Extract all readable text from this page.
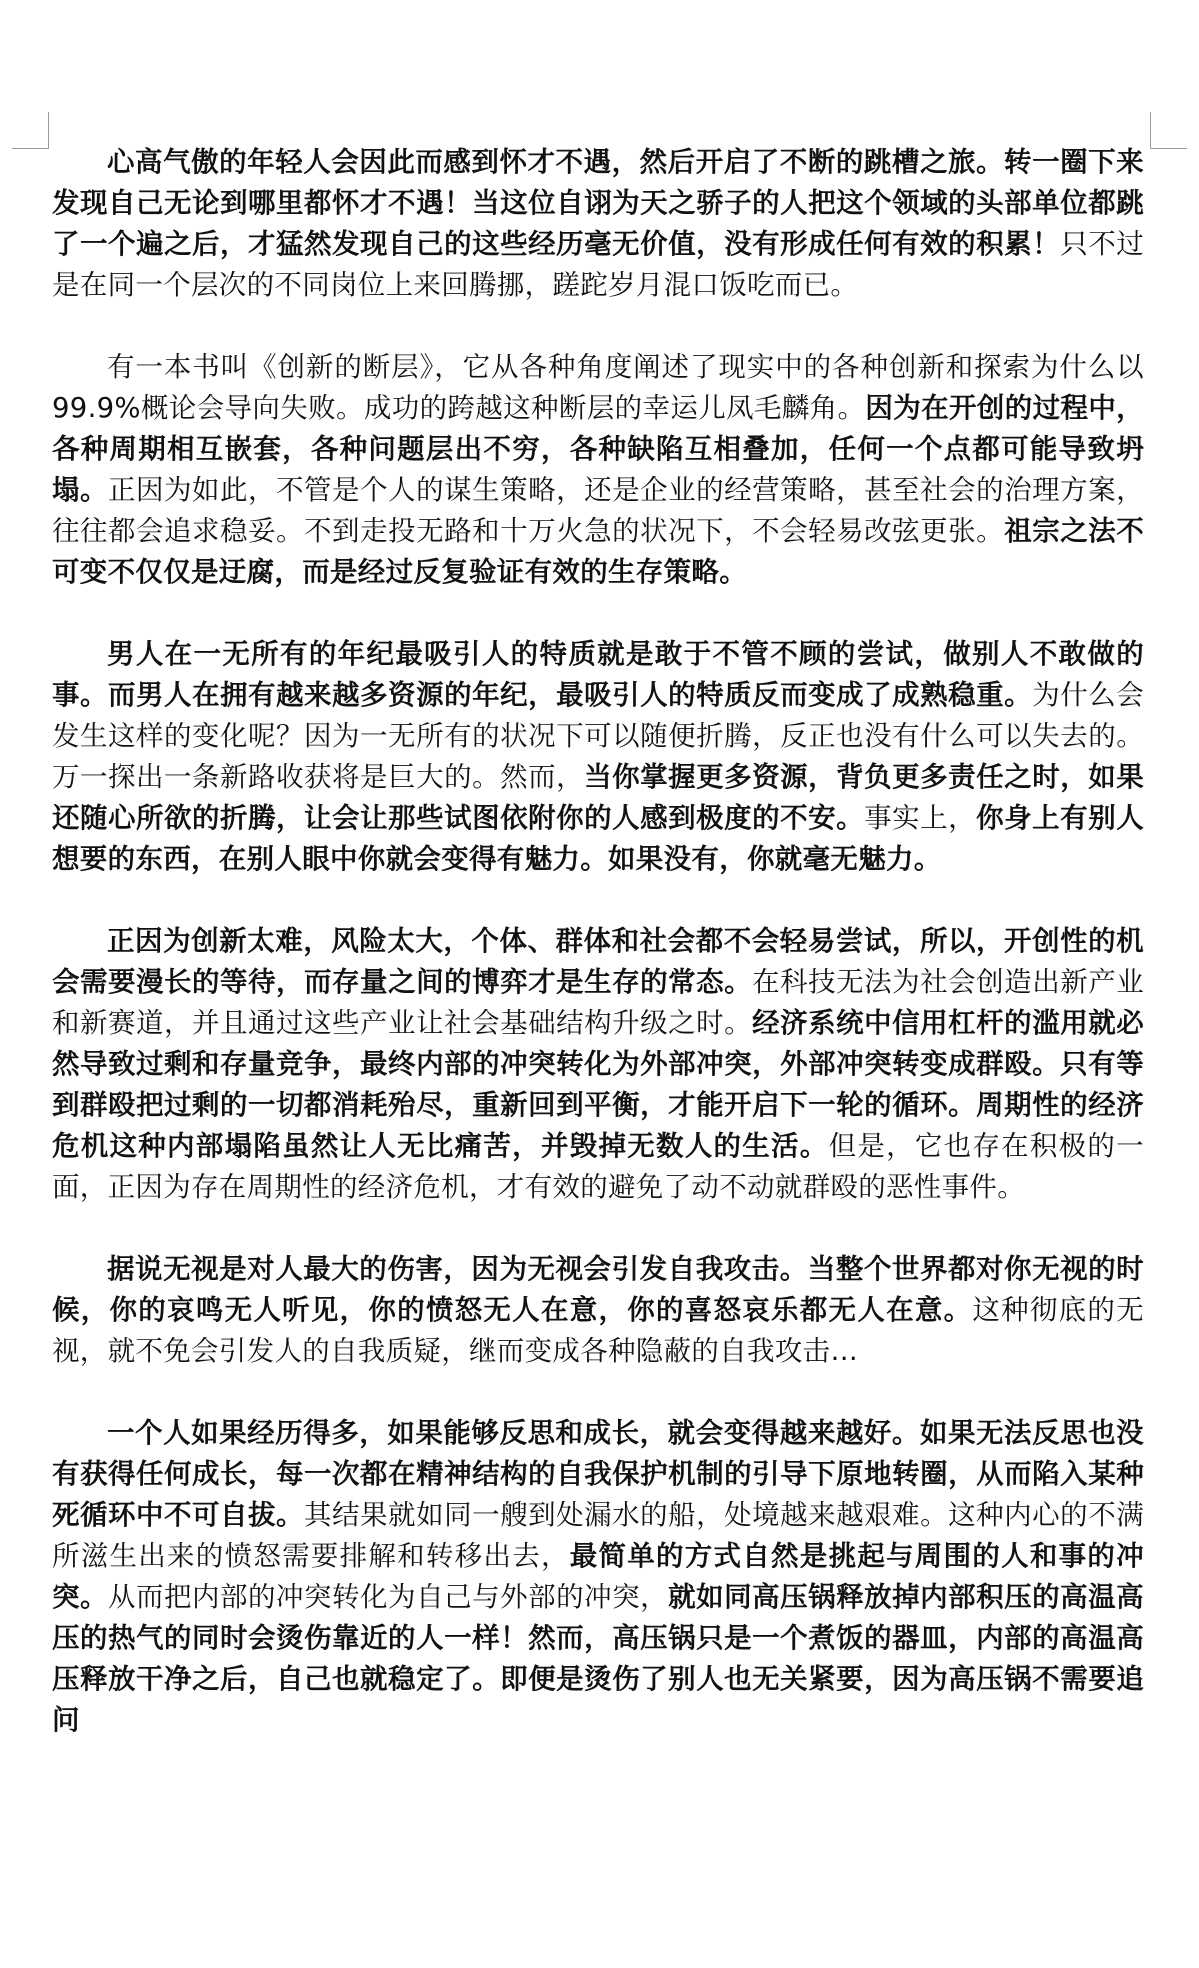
心高气傲的年轻人会因此而感到怀才不遇，然后开启了不断的跳槽之旅。转一圈下来发现自己无论到哪里都怀才不遇！当这位自诩为天之骄子的人把这个领域的头部单位都跳了一个遍之后，才猛然发现自己的这些经历毫无价值，没有形成任何有效的积累！只不过是在同一个层次的不同岗位上来回腾挪，蹉跎岁月混口饭吃而已。

有一本书叫《创新的断层》，它从各种角度阐述了现实中的各种创新和探索为什么以 99.9%概论会导向失败。成功的跨越这种断层的幸运儿凤毛麟角。因为在开创的过程中，各种周期相互嵌套，各种问题层出不穷，各种缺陷互相叠加，任何一个点都可能导致坍塌。正因为如此，不管是个人的谋生策略，还是企业的经营策略，甚至社会的治理方案，往往都会追求稳妥。不到走投无路和十万火急的状况下，不会轻易改弦更张。祖宗之法不可变不仅仅是迂腐，而是经过反复验证有效的生存策略。

男人在一无所有的年纪最吸引人的特质就是敢于不管不顾的尝试，做别人不敢做的事。而男人在拥有越来越多资源的年纪，最吸引人的特质反而变成了成熟稳重。为什么会发生这样的变化呢？因为一无所有的状况下可以随便折腾，反正也没有什么可以失去的。万一探出一条新路收获将是巨大的。然而，当你掌握更多资源，背负更多责任之时，如果还随心所欲的折腾，让会让那些试图依附你的人感到极度的不安。事实上，你身上有别人想要的东西，在别人眼中你就会变得有魅力。如果没有，你就毫无魅力。

正因为创新太难，风险太大，个体、群体和社会都不会轻易尝试，所以，开创性的机会需要漫长的等待，而存量之间的博弈才是生存的常态。在科技无法为社会创造出新产业和新赛道，并且通过这些产业让社会基础结构升级之时。经济系统中信用杠杆的滥用就必然导致过剩和存量竞争，最终内部的冲突转化为外部冲突，外部冲突转变成群殴。只有等到群殴把过剩的一切都消耗殆尽，重新回到平衡，才能开启下一轮的循环。周期性的经济危机这种内部塌陷虽然让人无比痛苦，并毁掉无数人的生活。但是，它也存在积极的一面，正因为存在周期性的经济危机，才有效的避免了动不动就群殴的恶性事件。

据说无视是对人最大的伤害，因为无视会引发自我攻击。当整个世界都对你无视的时候，你的哀鸣无人听见，你的愤怒无人在意，你的喜怒哀乐都无人在意。这种彻底的无视，就不免会引发人的自我质疑，继而变成各种隐蔽的自我攻击…

一个人如果经历得多，如果能够反思和成长，就会变得越来越好。如果无法反思也没有获得任何成长，每一次都在精神结构的自我保护机制的引导下原地转圈，从而陷入某种死循环中不可自拔。其结果就如同一艘到处漏水的船，处境越来越艰难。这种内心的不满所滋生出来的愤怒需要排解和转移出去，最简单的方式自然是挑起与周围的人和事的冲突。从而把内部的冲突转化为自己与外部的冲突，就如同高压锅释放掉内部积压的高温高压的热气的同时会烫伤靠近的人一样！然而，高压锅只是一个煮饭的器皿，内部的高温高压释放干净之后，自己也就稳定了。即便是烫伤了别人也无关紧要，因为高压锅不需要追问
